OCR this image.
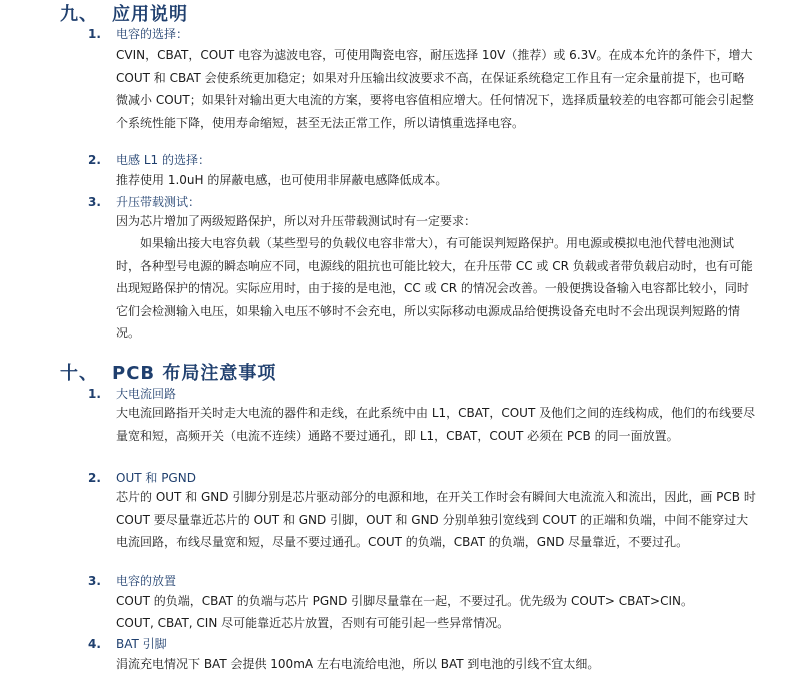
九、 应用说明
1. 电容的选择：

CVIN，CBAT，COUT 电容为滤波电容，可使用陶瓷电容，耐压选择 10V（推荐）或 6.3V。在成本允许的条件下，增大 COUT 和 CBAT 会使系统更加稳定；如果对升压输出纹波要求不高，在保证系统稳定工作且有一定余量前提下，也可略微减小 COUT；如果针对输出更大电流的方案，要将电容值相应增大。任何情况下，选择质量较差的电容都可能会引起整个系统性能下降，使用寿命缩短，甚至无法正常工作，所以请慎重选择电容。

2. 电感 L1 的选择：

推荐使用 1.0uH 的屏蔽电感，也可使用非屏蔽电感降低成本。

3. 升压带载测试：

因为芯片增加了两级短路保护，所以对升压带载测试时有一定要求：

如果输出接大电容负载（某些型号的负载仪电容非常大），有可能误判短路保护。用电源或模拟电池代替电池测试时，各种型号电源的瞬态响应不同，电源线的阻抗也可能比较大，在升压带 CC 或 CR 负载或者带负载启动时，也有可能出现短路保护的情况。实际应用时，由于接的是电池，CC 或 CR 的情况会改善。一般便携设备输入电容都比较小，同时它们会检测输入电压，如果输入电压不够时不会充电，所以实际移动电源成品给便携设备充电时不会出现误判短路的情况。

十、 PCB 布局注意事项
1. 大电流回路

大电流回路指开关时走大电流的器件和走线，在此系统中由 L1，CBAT，COUT 及他们之间的连线构成，他们的布线要尽量宽和短，高频开关（电流不连续）通路不要过通孔，即 L1，CBAT，COUT 必须在 PCB 的同一面放置。

2. OUT 和 PGND

芯片的 OUT 和 GND 引脚分别是芯片驱动部分的电源和地，在开关工作时会有瞬间大电流流入和流出，因此，画 PCB 时 COUT 要尽量靠近芯片的 OUT 和 GND 引脚，OUT 和 GND 分别单独引宽线到 COUT 的正端和负端，中间不能穿过大电流回路，布线尽量宽和短，尽量不要过通孔。COUT 的负端，CBAT 的负端，GND 尽量靠近，不要过孔。

3. 电容的放置

COUT 的负端，CBAT 的负端与芯片 PGND 引脚尽量靠在一起，不要过孔。优先级为 COUT> CBAT>CIN。

COUT, CBAT, CIN 尽可能靠近芯片放置，否则有可能引起一些异常情况。

4. BAT 引脚

涓流充电情况下 BAT 会提供 100mA 左右电流给电池，所以 BAT 到电池的引线不宜太细。
